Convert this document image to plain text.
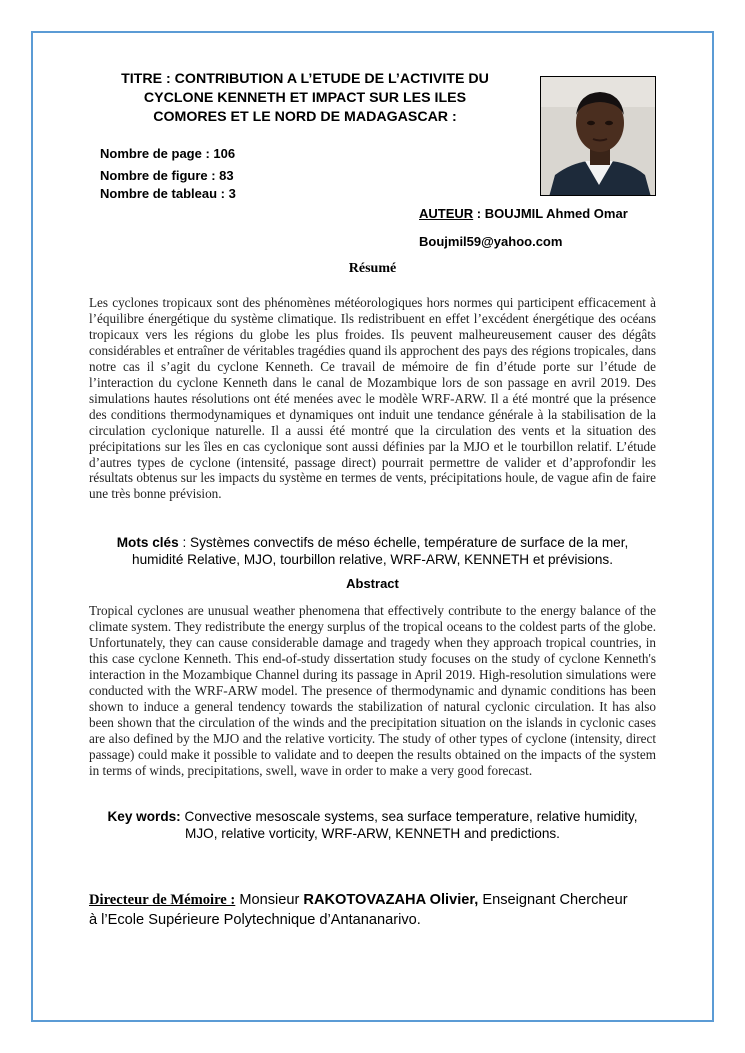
TITRE : CONTRIBUTION A L’ETUDE DE L’ACTIVITE DU
CYCLONE KENNETH ET IMPACT SUR LES ILES
COMORES ET LE NORD DE MADAGASCAR :
Nombre de page : 106
Nombre de figure : 83
Nombre de tableau : 3
AUTEUR : BOUJMIL Ahmed Omar
Boujmil59@yahoo.com
Résumé
Les cyclones tropicaux sont des phénomènes météorologiques hors normes qui participent efficacement à l’équilibre énergétique du système climatique. Ils redistribuent en effet l’excédent énergétique des océans tropicaux vers les régions du globe les plus froides. Ils peuvent malheureusement causer des dégâts considérables et entraîner de véritables tragédies quand ils approchent des pays des régions tropicales, dans notre cas il s’agit du cyclone Kenneth. Ce travail de mémoire de fin d’étude porte sur l’étude de l’interaction du cyclone Kenneth dans le canal de Mozambique lors de son passage en avril 2019. Des simulations hautes résolutions ont été menées avec le modèle WRF-ARW. Il a été montré que la présence des conditions thermodynamiques et dynamiques ont induit une tendance générale à la stabilisation de la circulation cyclonique naturelle. Il a aussi été montré que la circulation des vents et la situation des précipitations sur les îles en cas cyclonique sont aussi définies par la MJO et le tourbillon relatif. L’étude d’autres types de cyclone (intensité, passage direct) pourrait permettre de valider et d’approfondir les résultats obtenus sur les impacts du système en termes de vents, précipitations houle, de vague afin de faire une très bonne prévision.
Mots clés : Systèmes convectifs de méso échelle, température de surface de la mer,
humidité Relative, MJO, tourbillon relative, WRF-ARW, KENNETH et prévisions.
Abstract
Tropical cyclones are unusual weather phenomena that effectively contribute to the energy balance of the climate system. They redistribute the energy surplus of the tropical oceans to the coldest parts of the globe. Unfortunately, they can cause considerable damage and tragedy when they approach tropical countries, in this case cyclone Kenneth. This end-of-study dissertation study focuses on the study of cyclone Kenneth's interaction in the Mozambique Channel during its passage in April 2019. High-resolution simulations were conducted with the WRF-ARW model. The presence of thermodynamic and dynamic conditions has been shown to induce a general tendency towards the stabilization of natural cyclonic circulation. It has also been shown that the circulation of the winds and the precipitation situation on the islands in cyclonic cases are also defined by the MJO and the relative vorticity. The study of other types of cyclone (intensity, direct passage) could make it possible to validate and to deepen the results obtained on the impacts of the system in terms of winds, precipitations, swell, wave in order to make a very good forecast.
Key words: Convective mesoscale systems, sea surface temperature, relative humidity,
MJO, relative vorticity, WRF-ARW, KENNETH and predictions.
Directeur de Mémoire : Monsieur RAKOTOVAZAHA Olivier, Enseignant Chercheur
à l’Ecole Supérieure Polytechnique d’Antananarivo.
